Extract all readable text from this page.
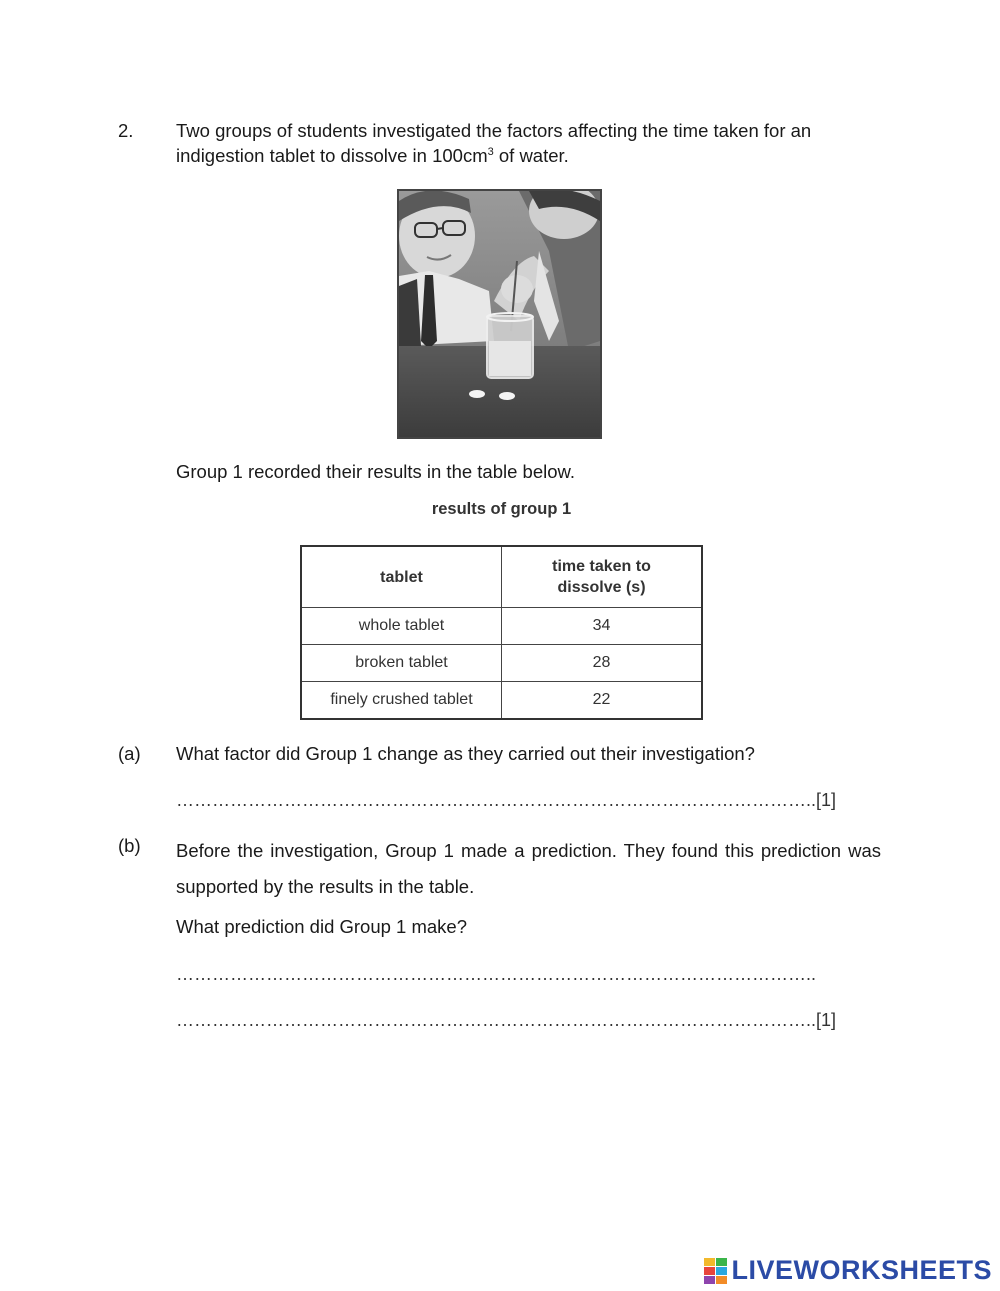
2. Two groups of students investigated the factors affecting the time taken for an
indigestion tablet to dissolve in $100cm^3$ of water.
Group 1 recorded their results in the table below.
results of group 1
tablet	time taken to dissolve (s)
whole tablet	34
broken tablet	28
finely crushed tablet	22
(a) What factor did Group 1 change as they carried out their investigation?
……………………………………………………………………………………………..[1]
(b) Before the investigation, Group 1 made a prediction. They found this prediction was supported by the results in the table.
What prediction did Group 1 make?
……………………………………………………………………………………………..
……………………………………………………………………………………………..[1]
LIVEWORKSHEETS
